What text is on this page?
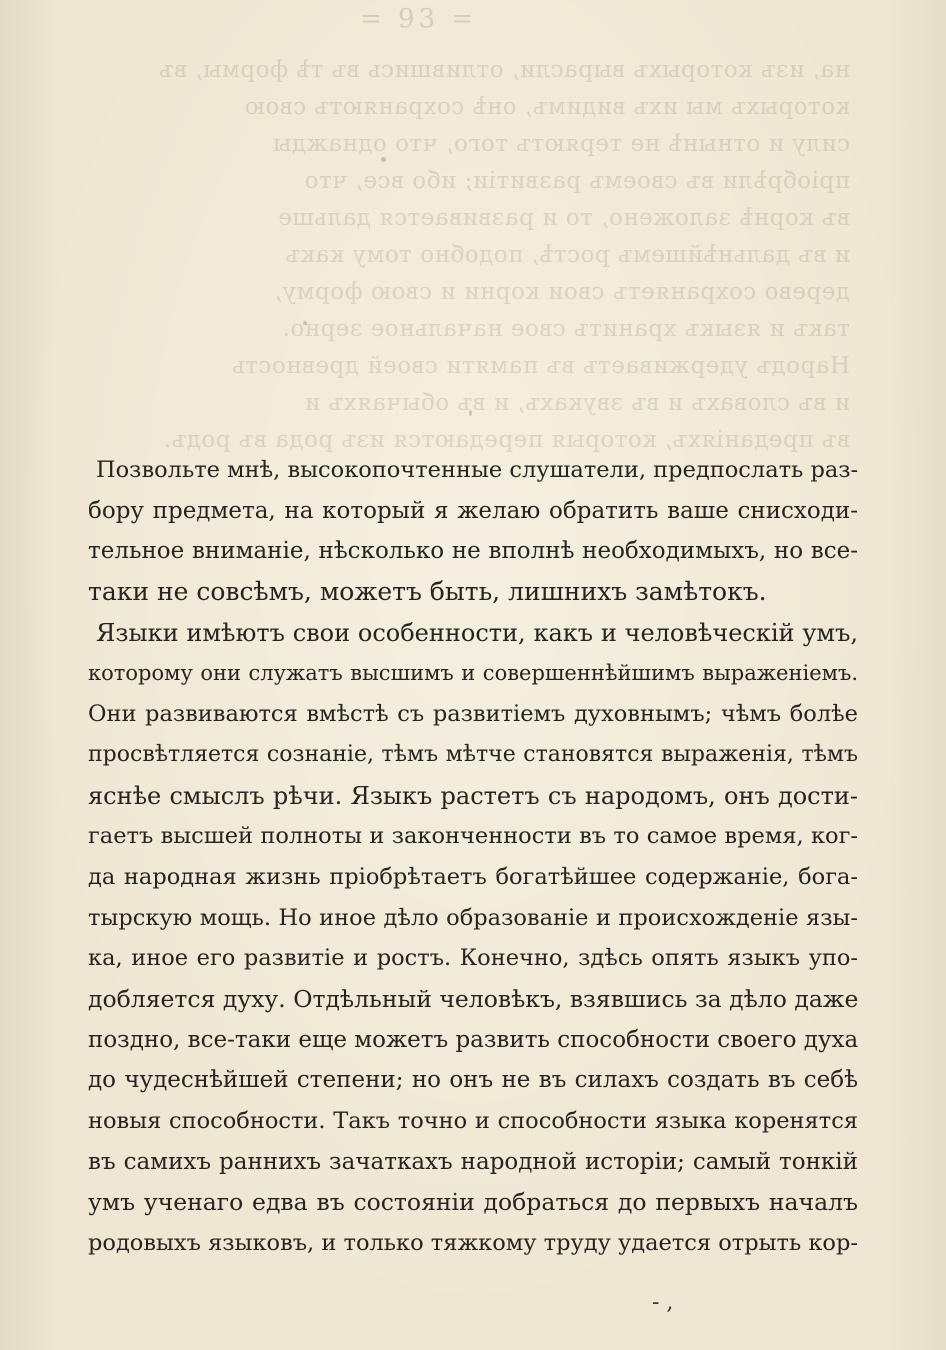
= 93 =
на, изъ которыхъ вырасли, отлившись въ тѣ формы, въ
которыхъ мы ихъ видимъ, онѣ сохраняютъ свою
силу и отнынѣ не теряютъ того, что однажды
пріобрѣли въ своемъ развитіи; ибо все, что
въ корнѣ заложено, то и развивается дальше
и въ дальнѣйшемъ ростѣ, подобно тому какъ
дерево сохраняетъ свои корни и свою форму,
такъ и языкъ хранитъ свое начальное зерно.
Народъ удерживаетъ въ памяти своей древность
и въ словахъ и въ звукахъ, и въ обычаяхъ и
въ преданіяхъ, которыя передаются изъ рода въ родъ.
Позвольте мнѣ, высокопочтенные слушатели, предпослать раз-
бору предмета, на который я желаю обратить ваше снисходи-
тельное вниманіе, нѣсколько не вполнѣ необходимыхъ, но все-
таки не совсѣмъ, можетъ быть, лишнихъ замѣтокъ.
Языки имѣютъ свои особенности, какъ и человѣческій умъ,
которому они служатъ высшимъ и совершеннѣйшимъ выраженіемъ.
Они развиваются вмѣстѣ съ развитіемъ духовнымъ; чѣмъ болѣе
просвѣтляется сознаніе, тѣмъ мѣтче становятся выраженія, тѣмъ
яснѣе смыслъ рѣчи. Языкъ растетъ съ народомъ, онъ дости-
гаетъ высшей полноты и законченности въ то самое время, ког-
да народная жизнь пріобрѣтаетъ богатѣйшее содержаніе, бога-
тырскую мощь. Но иное дѣло образованіе и происхожденіе язы-
ка, иное его развитіе и ростъ. Конечно, здѣсь опять языкъ упо-
добляется духу. Отдѣльный человѣкъ, взявшись за дѣло даже
поздно, все-таки еще можетъ развить способности своего духа
до чудеснѣйшей степени; но онъ не въ силахъ создать въ себѣ
новыя способности. Такъ точно и способности языка коренятся
въ самихъ раннихъ зачаткахъ народной исторіи; самый тонкій
умъ ученаго едва въ состояніи добраться до первыхъ началъ
родовыхъ языковъ, и только тяжкому труду удается отрыть кор-
- ,
